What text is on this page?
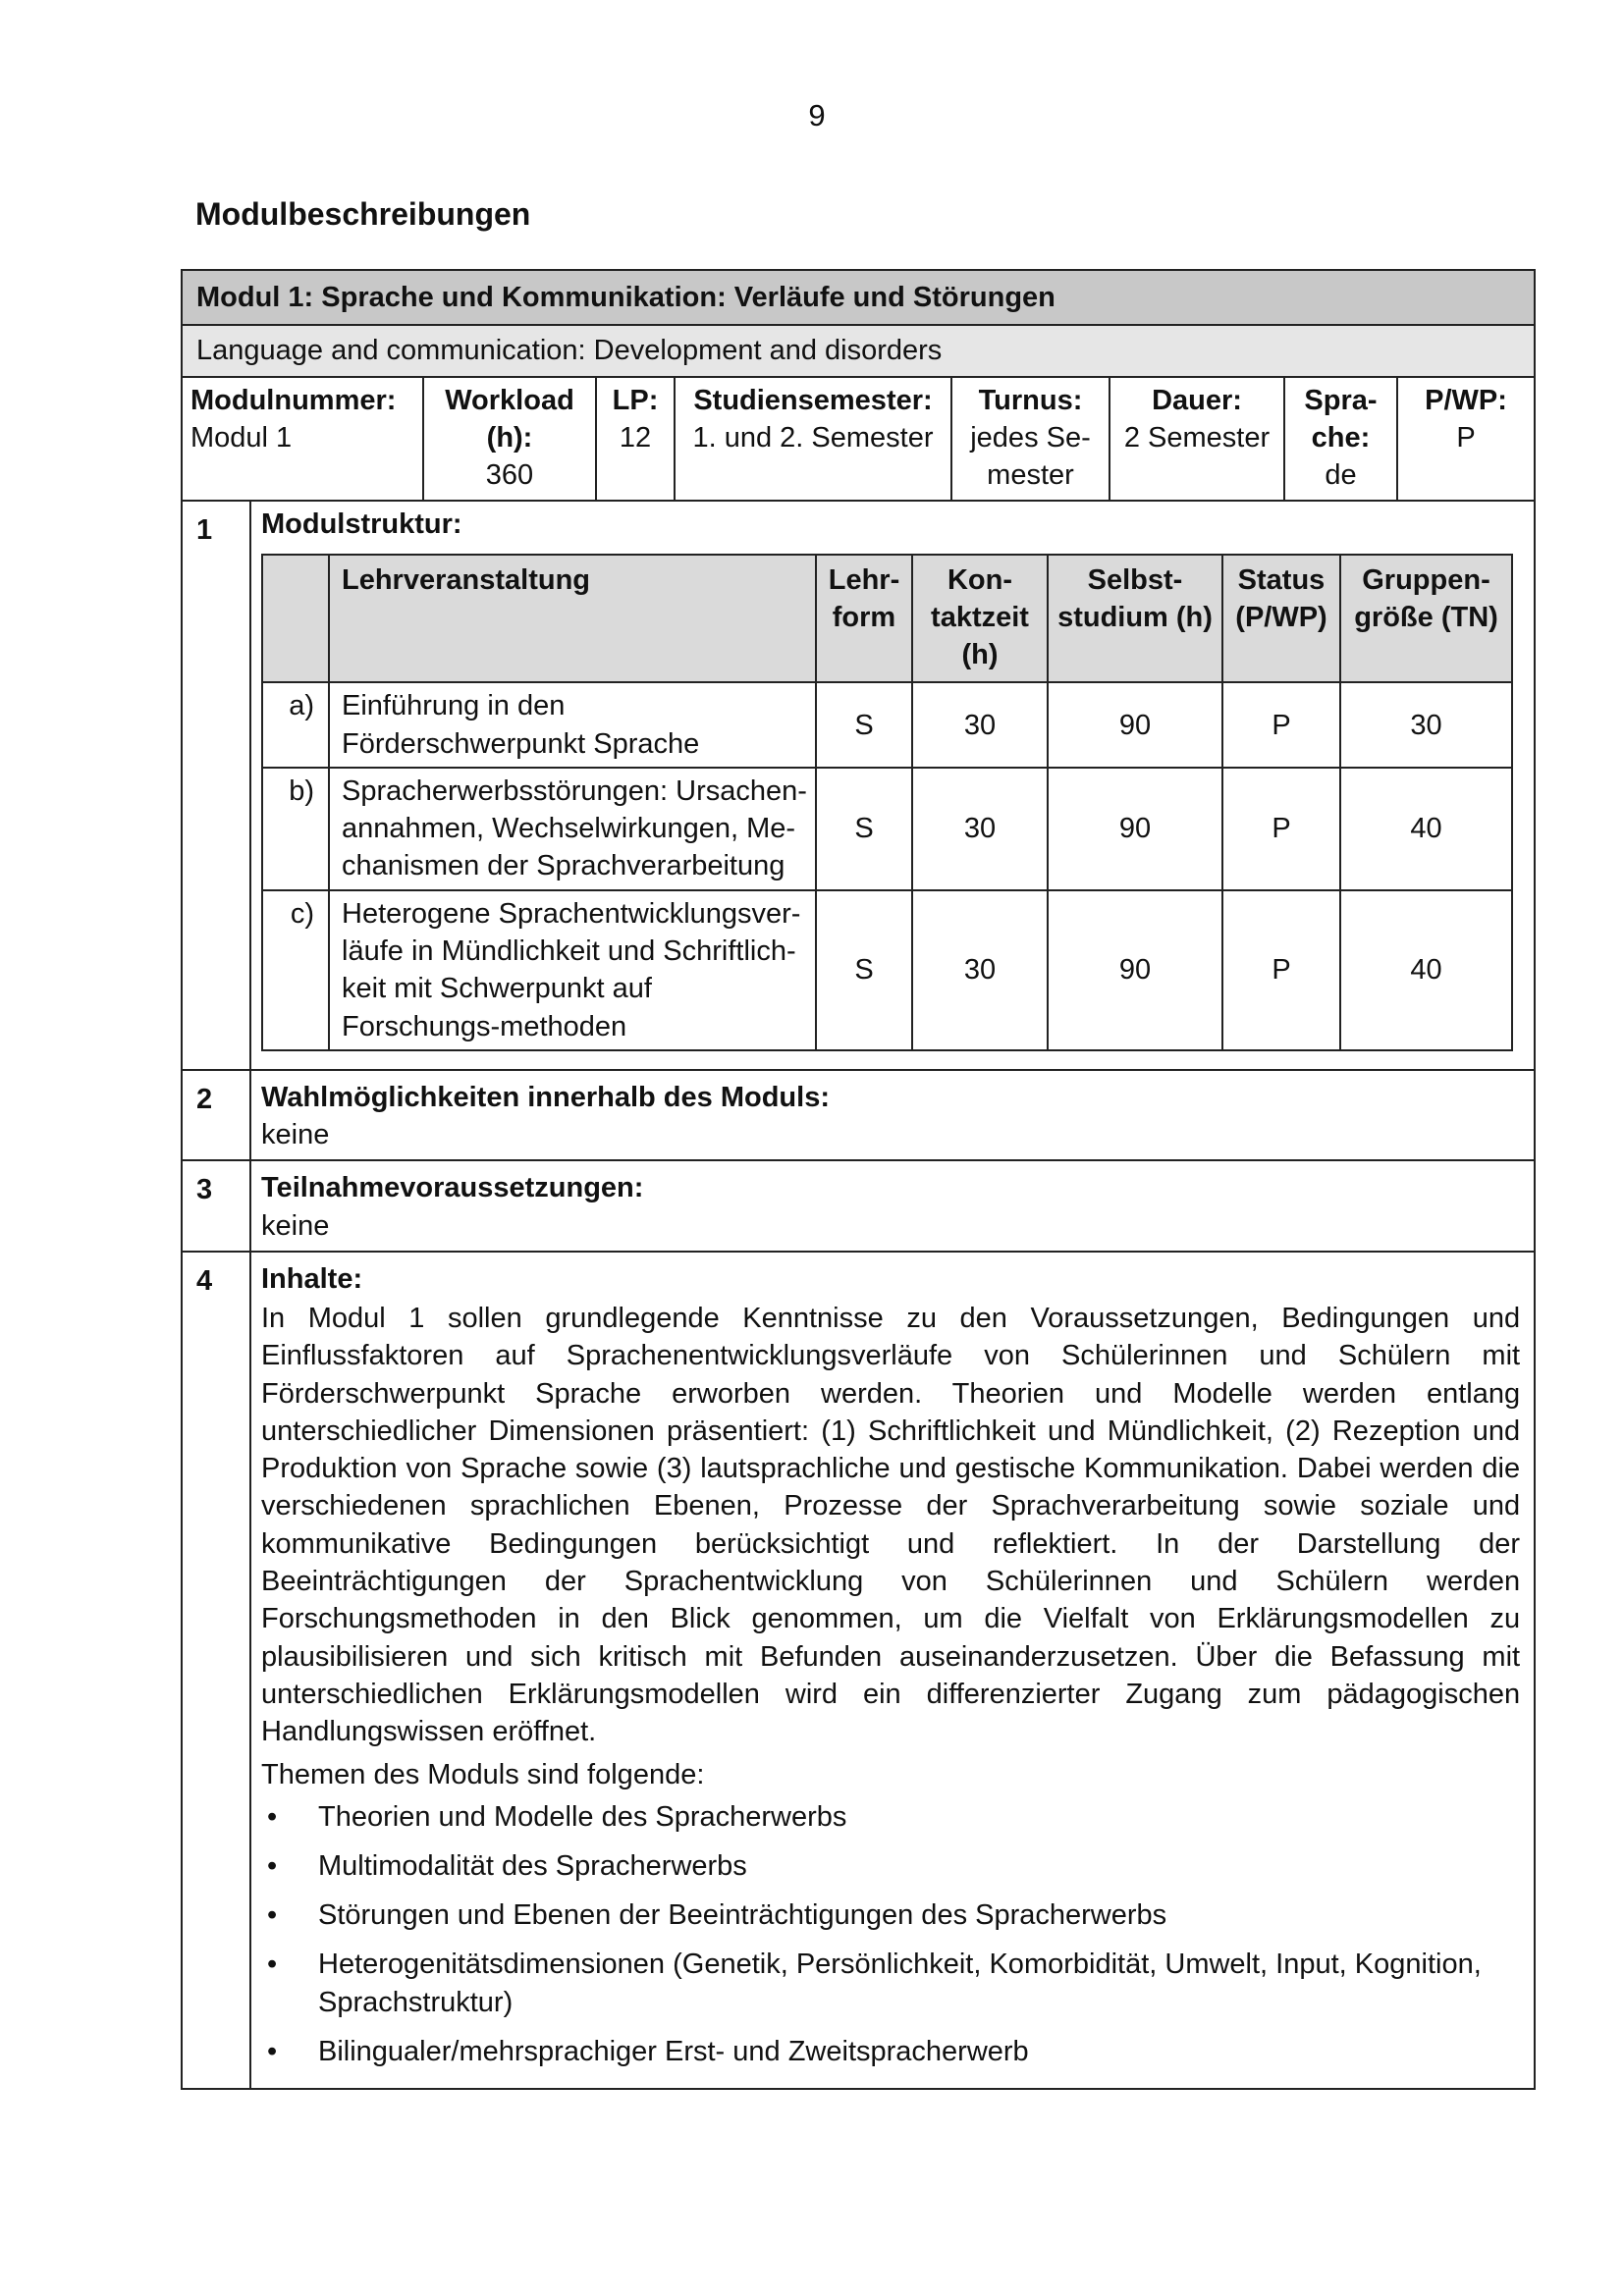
9
Modulbeschreibungen
Modul 1: Sprache und Kommunikation: Verläufe und Störungen
Language and communication: Development and disorders

Modulnummer:
Modul 1	
Workload (h):
360	
LP:
12	
Studiensemester:
1. und 2. Semester	
Turnus:
jedes Se-mester	
Dauer:
2 Semester	
Spra-che:
de	
P/WP:
P
1	Modulstruktur:
	Lehrveranstaltung	Lehr-form	Kon-taktzeit (h)	Selbst-studium (h)	Status (P/WP)	Gruppen-größe (TN)
a)	Einführung in den Förderschwerpunkt Sprache	S	30	90	P	30
b)	Spracherwerbsstörungen: Ursachen-annahmen, Wechselwirkungen, Me-chanismen der Sprachverarbeitung	S	30	90	P	40
c)	Heterogene Sprachentwicklungsver-läufe in Mündlichkeit und Schriftlich-keit mit Schwerpunkt auf Forschungs-methoden	S	30	90	P	40

2	Wahlmöglichkeiten innerhalb des Moduls:
keine
3	Teilnahmevoraussetzungen:
keine
4	Inhalte:
In Modul 1 sollen grundlegende Kenntnisse zu den Voraussetzungen, Bedingungen und Einflussfaktoren auf Sprachenentwicklungsverläufe von Schülerinnen und Schülern mit Förderschwerpunkt Sprache erworben werden. Theorien und Modelle werden entlang unterschiedlicher Dimensionen präsentiert: (1) Schriftlichkeit und Mündlichkeit, (2) Rezeption und Produktion von Sprache sowie (3) lautsprachliche und gestische Kommunikation. Dabei werden die verschiedenen sprachlichen Ebenen, Prozesse der Sprachverarbeitung sowie soziale und kommunikative Bedingungen berücksichtigt und reflektiert. In der Darstellung der Beeinträchtigungen der Sprachentwicklung von Schülerinnen und Schülern werden Forschungsmethoden in den Blick genommen, um die Vielfalt von Erklärungsmodellen zu plausibilisieren und sich kritisch mit Befunden auseinanderzusetzen. Über die Befassung mit unterschiedlichen Erklärungsmodellen wird ein differenzierter Zugang zum pädagogischen Handlungswissen eröffnet.
Themen des Moduls sind folgende:
• Theorien und Modelle des Spracherwerbs
• Multimodalität des Spracherwerbs
• Störungen und Ebenen der Beeinträchtigungen des Spracherwerbs
• Heterogenitätsdimensionen (Genetik, Persönlichkeit, Komorbidität, Umwelt, Input, Kognition, Sprachstruktur)
• Bilingualer/mehrsprachiger Erst- und Zweitspracherwerb
